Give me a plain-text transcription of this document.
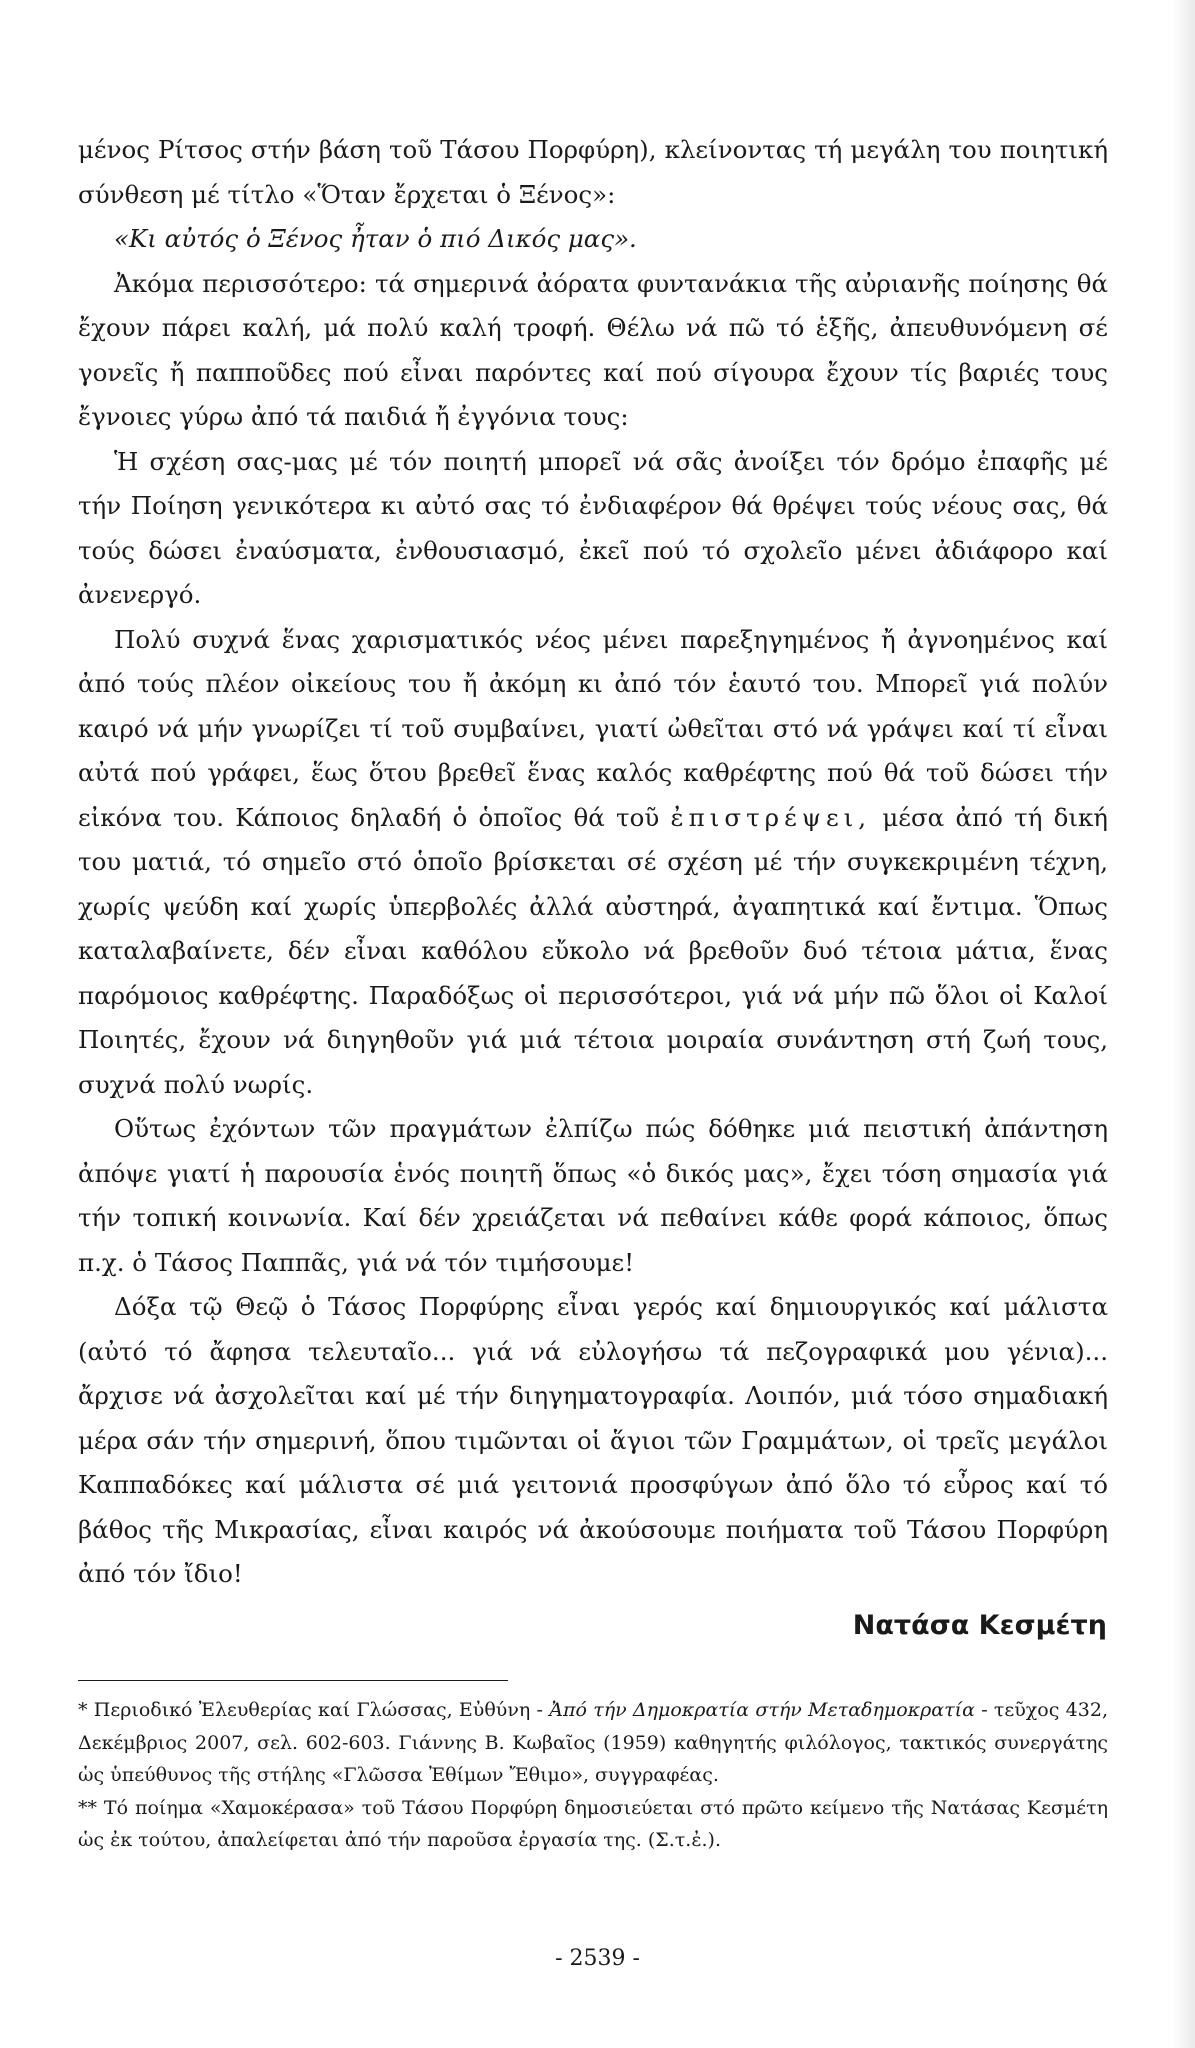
μένος Ρίτσος στήν βάση τοῦ Τάσου Πορφύρη), κλείνοντας τή μεγάλη του ποιητική σύνθεση μέ τίτλο «Ὅταν ἔρχεται ὁ Ξένος»:

«Κι αὐτός ὁ Ξένος ἦταν ὁ πιό Δικός μας».

Ἀκόμα περισσότερο: τά σημερινά ἀόρατα φυντανάκια τῆς αὐριανῆς ποίησης θά ἔχουν πάρει καλή, μά πολύ καλή τροφή. Θέλω νά πῶ τό ἑξῆς, ἀπευθυνόμενη σέ γονεῖς ἤ παπποῦδες πού εἶναι παρόντες καί πού σίγουρα ἔχουν τίς βαριές τους ἔγνοιες γύρω ἀπό τά παιδιά ἤ ἐγγόνια τους:

Ἡ σχέση σας-μας μέ τόν ποιητή μπορεῖ νά σᾶς ἀνοίξει τόν δρόμο ἐπαφῆς μέ τήν Ποίηση γενικότερα κι αὐτό σας τό ἐνδιαφέρον θά θρέψει τούς νέους σας, θά τούς δώσει ἐναύσματα, ἐνθουσιασμό, ἐκεῖ πού τό σχολεῖο μένει ἀδιάφορο καί ἀνενεργό.

Πολύ συχνά ἕνας χαρισματικός νέος μένει παρεξηγημένος ἤ ἀγνοημένος καί ἀπό τούς πλέον οἰκείους του ἤ ἀκόμη κι ἀπό τόν ἑαυτό του. Μπορεῖ γιά πολύν καιρό νά μήν γνωρίζει τί τοῦ συμβαίνει, γιατί ὠθεῖται στό νά γράψει καί τί εἶναι αὐτά πού γράφει, ἕως ὅτου βρεθεῖ ἕνας καλός καθρέφτης πού θά τοῦ δώσει τήν εἰκόνα του. Κάποιος δηλαδή ὁ ὁποῖος θά τοῦ ἐπιστρέψει, μέσα ἀπό τή δική του ματιά, τό σημεῖο στό ὁποῖο βρίσκεται σέ σχέση μέ τήν συγκεκριμένη τέχνη, χωρίς ψεύδη καί χωρίς ὑπερβολές ἀλλά αὐστηρά, ἀγαπητικά καί ἔντιμα. Ὅπως καταλαβαίνετε, δέν εἶναι καθόλου εὔκολο νά βρεθοῦν δυό τέτοια μάτια, ἕνας παρόμοιος καθρέφτης. Παραδόξως οἱ περισσότεροι, γιά νά μήν πῶ ὅλοι οἱ Καλοί Ποιητές, ἔχουν νά διηγηθοῦν γιά μιά τέτοια μοιραία συνάντηση στή ζωή τους, συχνά πολύ νωρίς.

Οὕτως ἐχόντων τῶν πραγμάτων ἐλπίζω πώς δόθηκε μιά πειστική ἀπάντηση ἀπόψε γιατί ἡ παρουσία ἑνός ποιητῆ ὅπως «ὁ δικός μας», ἔχει τόση σημασία γιά τήν τοπική κοινωνία. Καί δέν χρειάζεται νά πεθαίνει κάθε φορά κάποιος, ὅπως π.χ. ὁ Τάσος Παππᾶς, γιά νά τόν τιμήσουμε!

Δόξα τῷ Θεῷ ὁ Τάσος Πορφύρης εἶναι γερός καί δημιουργικός καί μάλιστα (αὐτό τό ἄφησα τελευταῖο... γιά νά εὐλογήσω τά πεζογραφικά μου γένια)... ἄρχισε νά ἀσχολεῖται καί μέ τήν διηγηματογραφία. Λοιπόν, μιά τόσο σημαδιακή μέρα σάν τήν σημερινή, ὅπου τιμῶνται οἱ ἅγιοι τῶν Γραμμάτων, οἱ τρεῖς μεγάλοι Καππαδόκες καί μάλιστα σέ μιά γειτονιά προσφύγων ἀπό ὅλο τό εὖρος καί τό βάθος τῆς Μικρασίας, εἶναι καιρός νά ἀκούσουμε ποιήματα τοῦ Τάσου Πορφύρη ἀπό τόν ἴδιο!

Νατάσα Κεσμέτη

* Περιοδικό Ἐλευθερίας καί Γλώσσας, Εὐθύνη - Ἀπό τήν Δημοκρατία στήν Μεταδημοκρατία - τεῦχος 432, Δεκέμβριος 2007, σελ. 602-603. Γιάννης Β. Κωβαῖος (1959) καθηγητής φιλόλογος, τακτικός συνεργάτης ὡς ὑπεύθυνος τῆς στήλης «Γλῶσσα Ἐθίμων Ἔθιμο», συγγραφέας.

** Τό ποίημα «Χαμοκέρασα» τοῦ Τάσου Πορφύρη δημοσιεύεται στό πρῶτο κείμενο τῆς Νατάσας Κεσμέτη ὡς ἐκ τούτου, ἀπαλείφεται ἀπό τήν παροῦσα ἐργασία της. (Σ.τ.ἐ.).

- 2539 -
